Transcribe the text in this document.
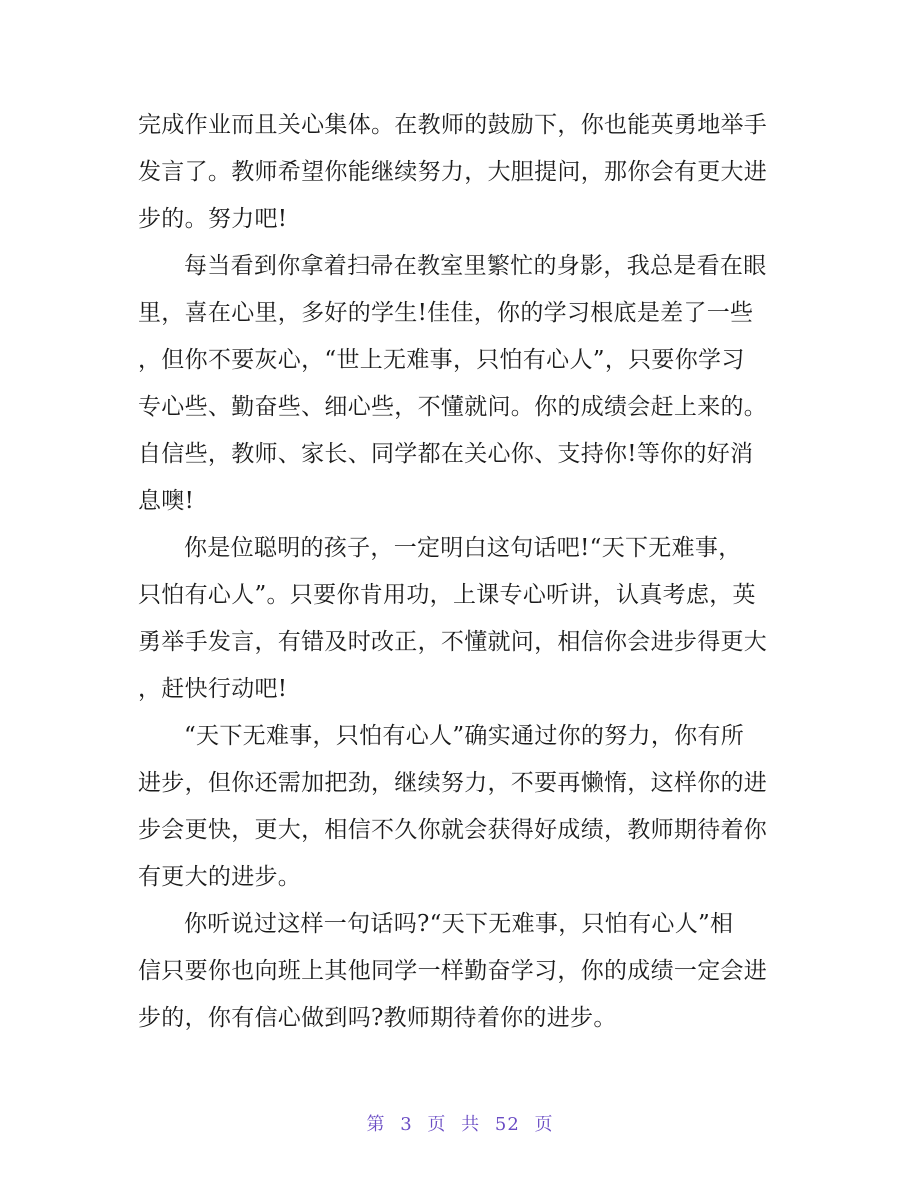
完成作业而且关心集体。在教师的鼓励下，你也能英勇地举手
发言了。教师希望你能继续努力，大胆提问，那你会有更大进
步的。努力吧!
每当看到你拿着扫帚在教室里繁忙的身影，我总是看在眼
里，喜在心里，多好的学生!佳佳，你的学习根底是差了一些
，但你不要灰心，“世上无难事，只怕有心人”，只要你学习
专心些、勤奋些、细心些，不懂就问。你的成绩会赶上来的。
自信些，教师、家长、同学都在关心你、支持你!等你的好消
息噢!
你是位聪明的孩子，一定明白这句话吧!“天下无难事，
只怕有心人”。只要你肯用功，上课专心听讲，认真考虑，英
勇举手发言，有错及时改正，不懂就问，相信你会进步得更大
，赶快行动吧!
“天下无难事，只怕有心人”确实通过你的努力，你有所
进步，但你还需加把劲，继续努力，不要再懒惰，这样你的进
步会更快，更大，相信不久你就会获得好成绩，教师期待着你
有更大的进步。
你听说过这样一句话吗?“天下无难事，只怕有心人”相
信只要你也向班上其他同学一样勤奋学习，你的成绩一定会进
步的，你有信心做到吗?教师期待着你的进步。
第 3 页 共 52 页
